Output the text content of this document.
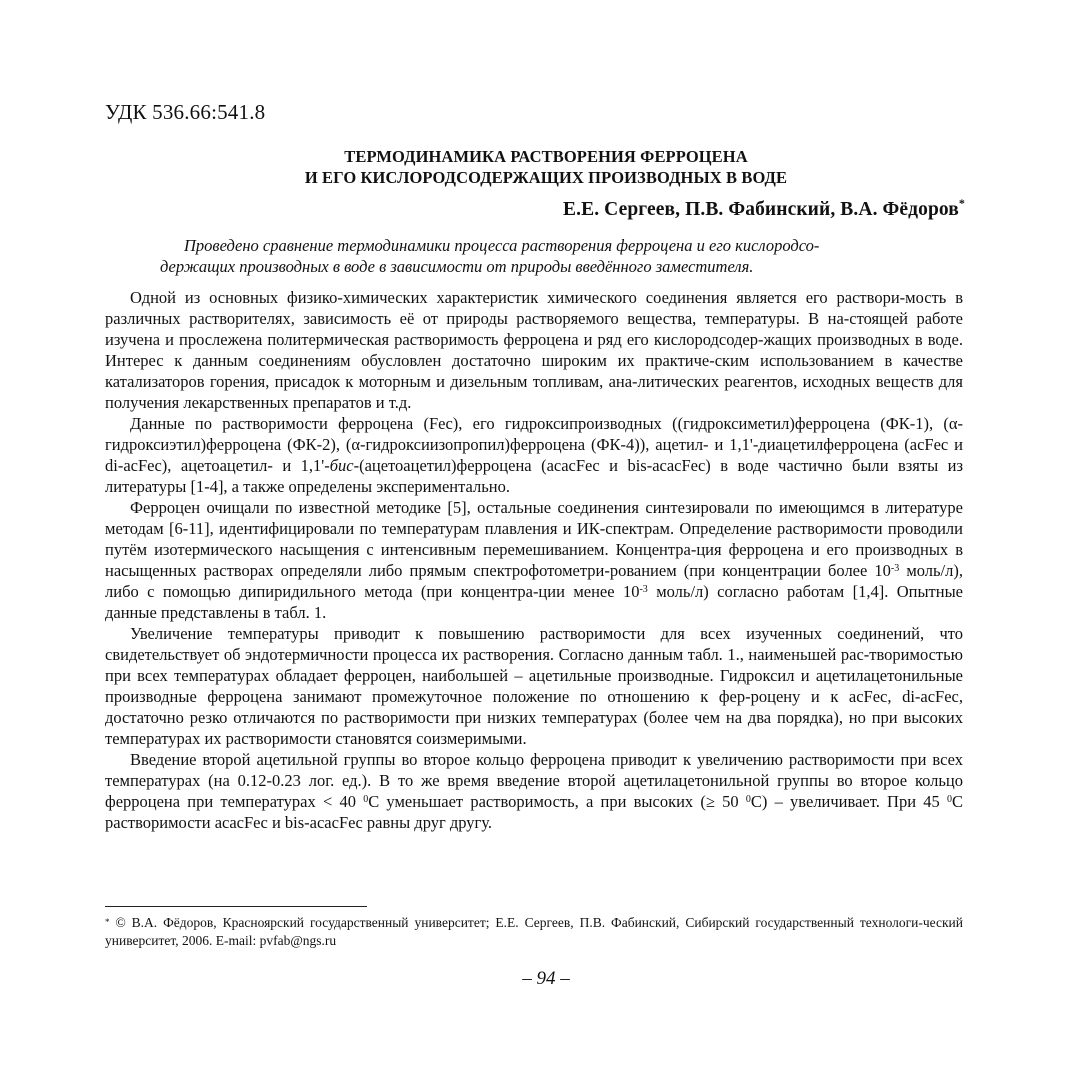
УДК 536.66:541.8
ТЕРМОДИНАМИКА РАСТВОРЕНИЯ ФЕРРОЦЕНА
И ЕГО КИСЛОРОДСОДЕРЖАЩИХ ПРОИЗВОДНЫХ В ВОДЕ
Е.Е. Сергеев, П.В. Фабинский, В.А. Фёдоров*
Проведено сравнение термодинамики процесса растворения ферроцена и его кислородсо-
держащих производных в воде в зависимости от природы введённого заместителя.

Одной из основных физико-химических характеристик химического соединения является его раствори-мость в различных растворителях, зависимость её от природы растворяемого вещества, температуры. В на-стоящей работе изучена и прослежена политермическая растворимость ферроцена и ряд его кислородсодер-жащих производных в воде. Интерес к данным соединениям обусловлен достаточно широким их практиче-ским использованием в качестве катализаторов горения, присадок к моторным и дизельным топливам, ана-литических реагентов, исходных веществ для получения лекарственных препаратов и т.д.

Данные по растворимости ферроцена (Fec), его гидроксипроизводных ((гидроксиметил)ферроцена (ФК-1), (α-гидроксиэтил)ферроцена (ФК-2), (α-гидроксиизопропил)ферроцена (ФК-4)), ацетил- и 1,1'-диацетилферроцена (acFec и di-acFec), ацетоацетил- и 1,1'-бис-(ацетоацетил)ферроцена (acacFec и bis-acacFec) в воде частично были взяты из литературы [1-4], а также определены экспериментально.

Ферроцен очищали по известной методике [5], остальные соединения синтезировали по имеющимся в литературе методам [6-11], идентифицировали по температурам плавления и ИК-спектрам. Определение растворимости проводили путём изотермического насыщения с интенсивным перемешиванием. Концентра-ция ферроцена и его производных в насыщенных растворах определяли либо прямым спектрофотометри-рованием (при концентрации более $10^{-3}$ моль/л), либо с помощью дипиридильного метода (при концентра-ции менее $10^{-3}$ моль/л) согласно работам [1,4]. Опытные данные представлены в табл. 1.

Увеличение температуры приводит к повышению растворимости для всех изученных соединений, что свидетельствует об эндотермичности процесса их растворения. Согласно данным табл. 1., наименьшей рас-творимостью при всех температурах обладает ферроцен, наибольшей – ацетильные производные. Гидроксил и ацетилацетонильные производные ферроцена занимают промежуточное положение по отношению к фер-роцену и к acFec, di-acFec, достаточно резко отличаются по растворимости при низких температурах (более чем на два порядка), но при высоких температурах их растворимости становятся соизмеримыми.

Введение второй ацетильной группы во второе кольцо ферроцена приводит к увеличению растворимости при всех температурах (на 0.12-0.23 лог. ед.). В то же время введение второй ацетилацетонильной группы во второе кольцо ферроцена при температурах < 40 $^0$С уменьшает растворимость, а при высоких (≥ 50 $^0$С) – увеличивает. При 45 $^0$С растворимости acacFec и bis-acacFec равны друг другу.

* © В.А. Фёдоров, Красноярский государственный университет; Е.Е. Сергеев, П.В. Фабинский, Сибирский государственный технологи-ческий университет, 2006. E-mail: pvfab@ngs.ru
– 94 –
